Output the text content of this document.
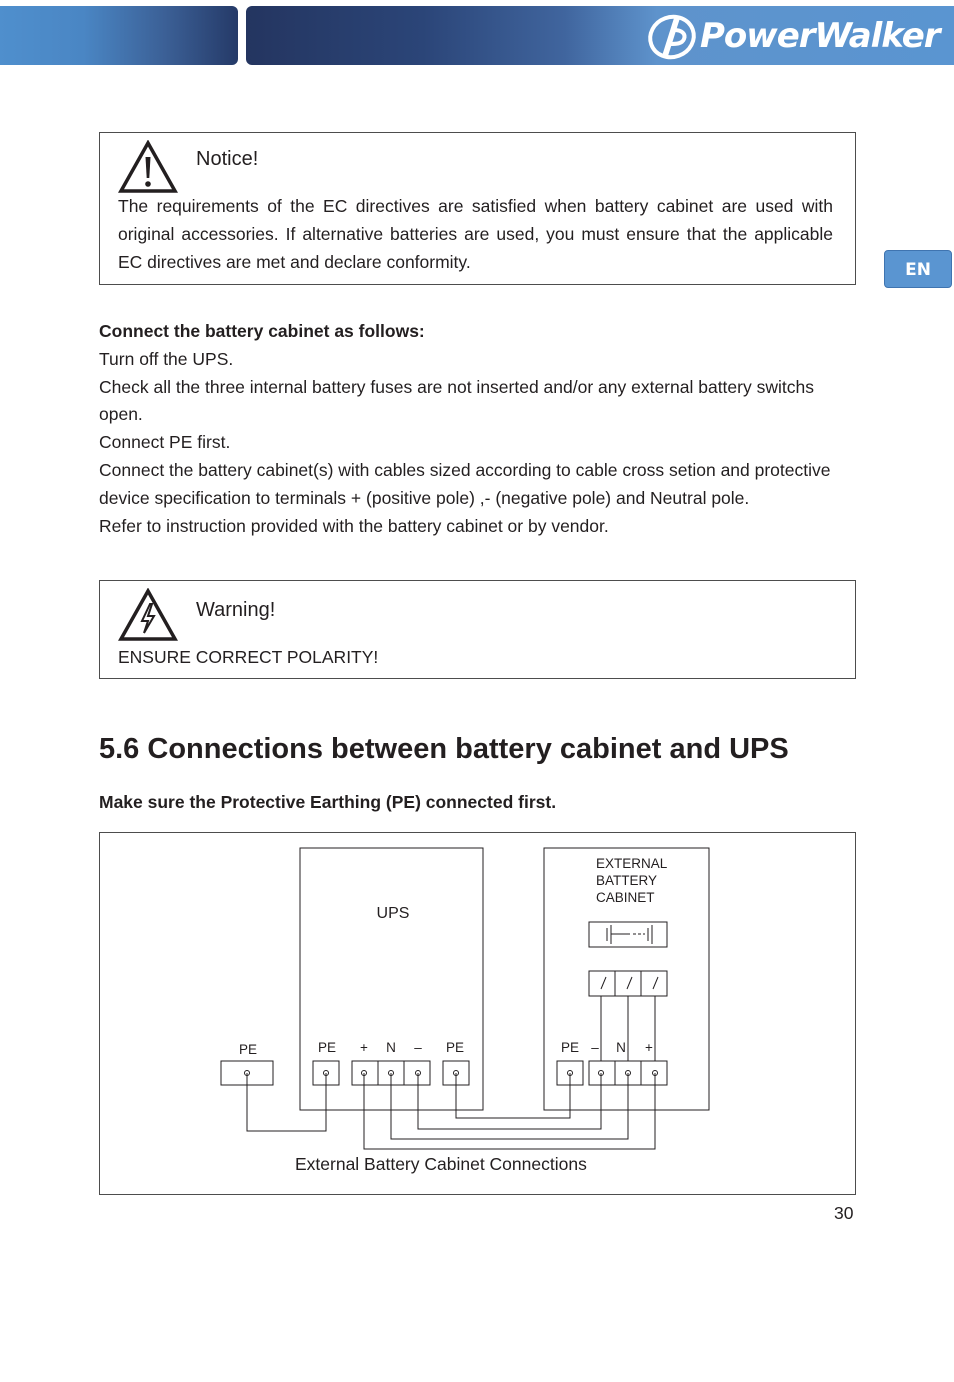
PowerWalker
EN
Notice!
The requirements of the EC directives are satisfied when battery cabinet are used with original accessories. If alternative batteries are used, you must ensure that the applicable EC directives are met and declare conformity.

Connect the battery cabinet as follows:

Turn off the UPS.

Check all the three internal battery fuses are not inserted and/or any external battery switchs open.

Connect PE first.

Connect the battery cabinet(s) with cables sized according to cable cross setion and protective device specification to terminals + (positive pole) ,- (negative pole) and Neutral pole.

Refer to instruction provided with the battery cabinet or by vendor.

Warning!
ENSURE CORRECT POLARITY!
5.6 Connections between battery cabinet and UPS
Make sure the Protective Earthing (PE) connected first.
UPS
EXTERNAL
BATTERY
CABINET
PE	PE + N – PE	PE – N +
External Battery Cabinet Connections
30
